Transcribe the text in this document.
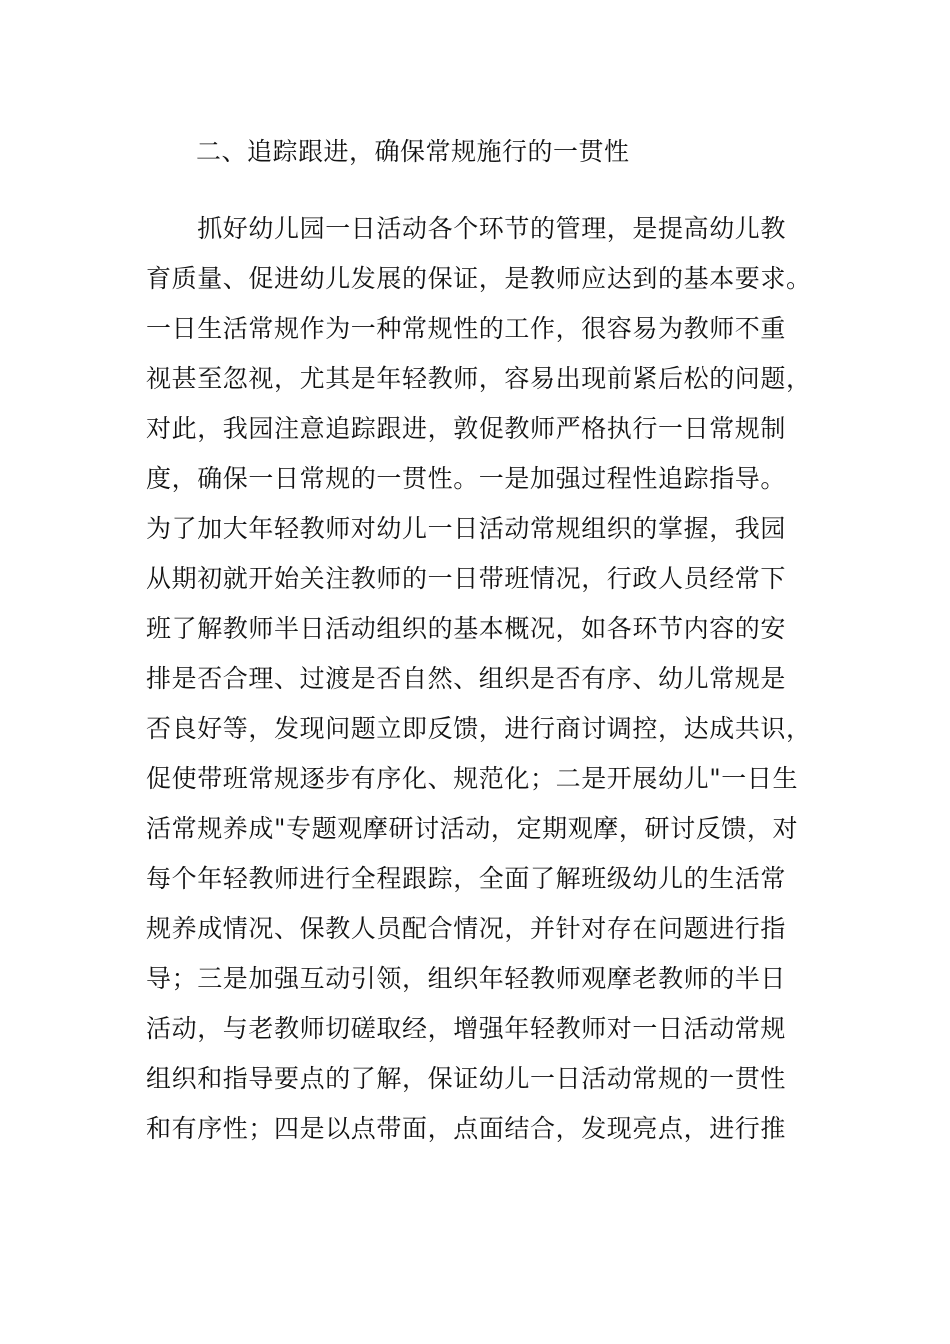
二、追踪跟进，确保常规施行的一贯性
　　抓好幼儿园一日活动各个环节的管理，是提高幼儿教
育质量、促进幼儿发展的保证，是教师应达到的基本要求。
一日生活常规作为一种常规性的工作，很容易为教师不重
视甚至忽视，尤其是年轻教师，容易出现前紧后松的问题，
对此，我园注意追踪跟进，敦促教师严格执行一日常规制
度，确保一日常规的一贯性。一是加强过程性追踪指导。
为了加大年轻教师对幼儿一日活动常规组织的掌握，我园
从期初就开始关注教师的一日带班情况，行政人员经常下
班了解教师半日活动组织的基本概况，如各环节内容的安
排是否合理、过渡是否自然、组织是否有序、幼儿常规是
否良好等，发现问题立即反馈，进行商讨调控，达成共识，
促使带班常规逐步有序化、规范化；二是开展幼儿"一日生
活常规养成"专题观摩研讨活动，定期观摩，研讨反馈，对
每个年轻教师进行全程跟踪，全面了解班级幼儿的生活常
规养成情况、保教人员配合情况，并针对存在问题进行指
导；三是加强互动引领，组织年轻教师观摩老教师的半日
活动，与老教师切磋取经，增强年轻教师对一日活动常规
组织和指导要点的了解，保证幼儿一日活动常规的一贯性
和有序性；四是以点带面，点面结合，发现亮点，进行推
